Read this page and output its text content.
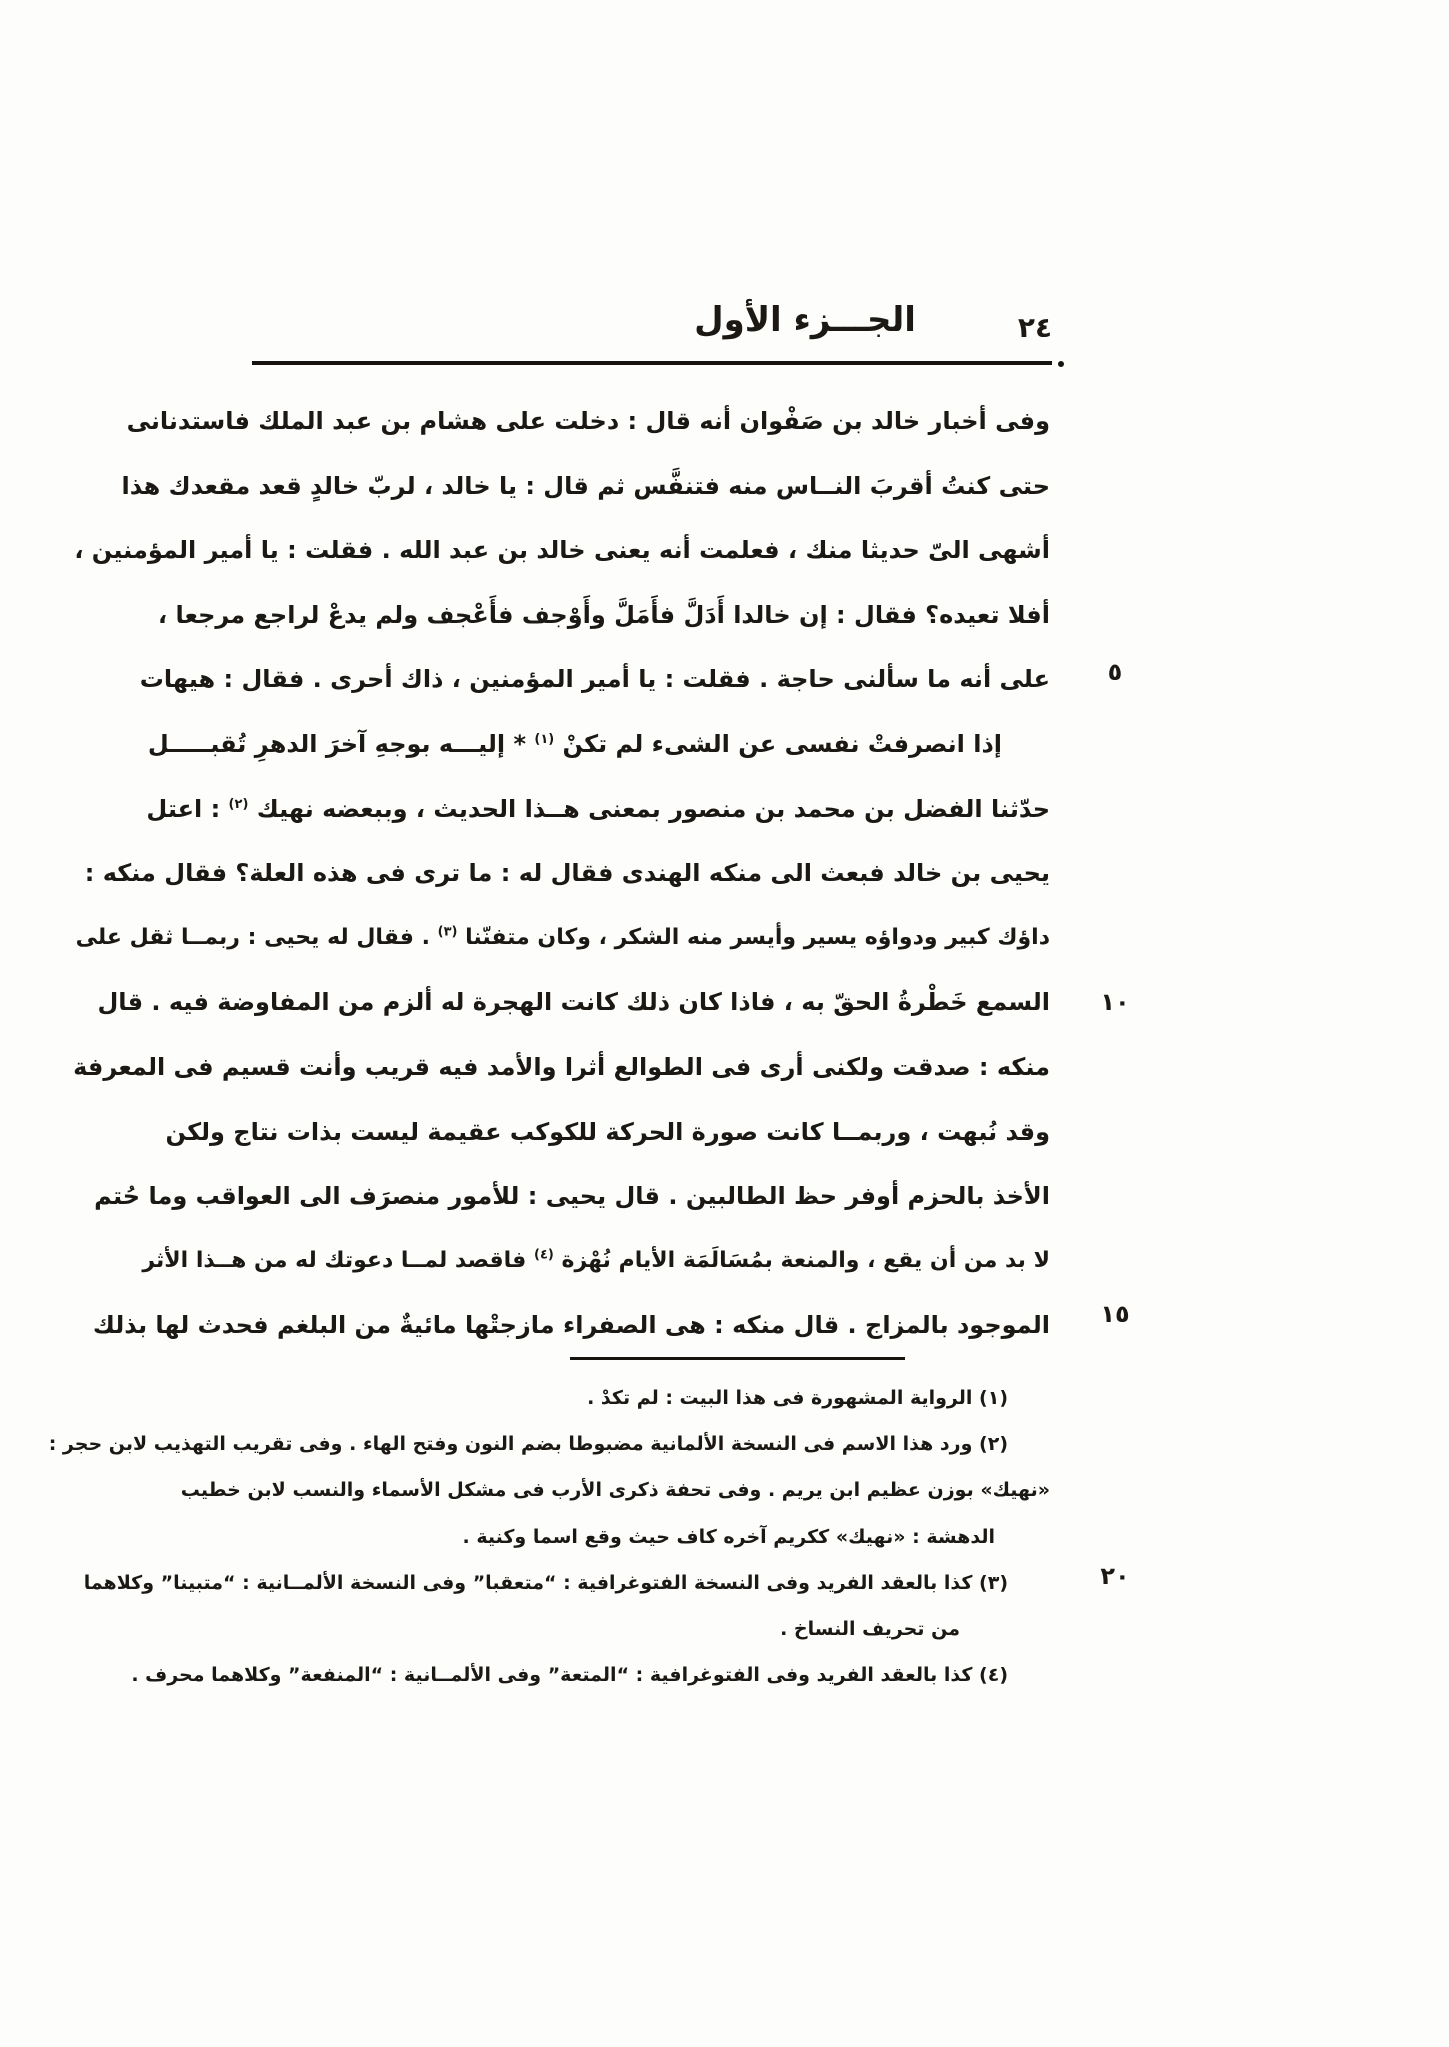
الجـــزء الأول	٢٤
وفى أخبار خالد بن صَفْوان أنه قال : دخلت على هشام بن عبد الملك فاستدنانى
حتى كنتُ أقربَ النــاس منه فتنفَّس ثم قال : يا خالد ، لربّ خالدٍ قعد مقعدك هذا
أشهى الىّ حديثا منك ، فعلمت أنه يعنى خالد بن عبد الله . فقلت : يا أمير المؤمنين ،
أفلا تعيده؟ فقال : إن خالدا أَدَلَّ فأَمَلَّ وأَوْجف فأَعْجف ولم يدعْ لراجع مرجعا ،
على أنه ما سألنى حاجة . فقلت : يا أمير المؤمنين ، ذاك أحرى . فقال : هيهات
إذا انصرفتْ نفسى عن الشىء لم تكنْ $^{(١)}$ * إليـــه بوجهِ آخرَ الدهرِ تُقبـــــل
حدّثنا الفضل بن محمد بن منصور بمعنى هــذا الحديث ، وببعضه نهيك $^{(٢)}$ : اعتل
يحيى بن خالد فبعث الى منكه الهندى فقال له : ما ترى فى هذه العلة؟ فقال منكه :
داؤك كبير ودواؤه يسير وأيسر منه الشكر ، وكان متفنّنا $^{(٣)}$ . فقال له يحيى : ربمــا ثقل على
السمع خَطْرةُ الحقّ به ، فاذا كان ذلك كانت الهجرة له ألزم من المفاوضة فيه . قال
منكه : صدقت ولكنى أرى فى الطوالع أثرا والأمد فيه قريب وأنت قسيم فى المعرفة
وقد نُبهت ، وربمــا كانت صورة الحركة للكوكب عقيمة ليست بذات نتاج ولكن
الأخذ بالحزم أوفر حظ الطالبين . قال يحيى : للأمور منصرَف الى العواقب وما حُتم
لا بد من أن يقع ، والمنعة بمُسَالَمَة الأيام نُهْزة $^{(٤)}$ فاقصد لمــا دعوتك له من هــذا الأثر
الموجود بالمزاج . قال منكه : هى الصفراء مازجتْها مائيةٌ من البلغم فحدث لها بذلك
٥
١٠
١٥
٢٠
(١) الرواية المشهورة فى هذا البيت : لم تكدْ .
(٢) ورد هذا الاسم فى النسخة الألمانية مضبوطا بضم النون وفتح الهاء . وفى تقريب التهذيب لابن حجر :
«نهيك» بوزن عظيم ابن يريم . وفى تحفة ذكرى الأرب فى مشكل الأسماء والنسب لابن خطيب
الدهشة : «نهيك» ككريم آخره كاف حيث وقع اسما وكنية .
(٣) كذا بالعقد الفريد وفى النسخة الفتوغرافية : “متعقبا” وفى النسخة الألمــانية : “متبينا” وكلاهما
من تحريف النساخ .
(٤) كذا بالعقد الفريد وفى الفتوغرافية : “المتعة” وفى الألمــانية : “المنفعة” وكلاهما محرف .
